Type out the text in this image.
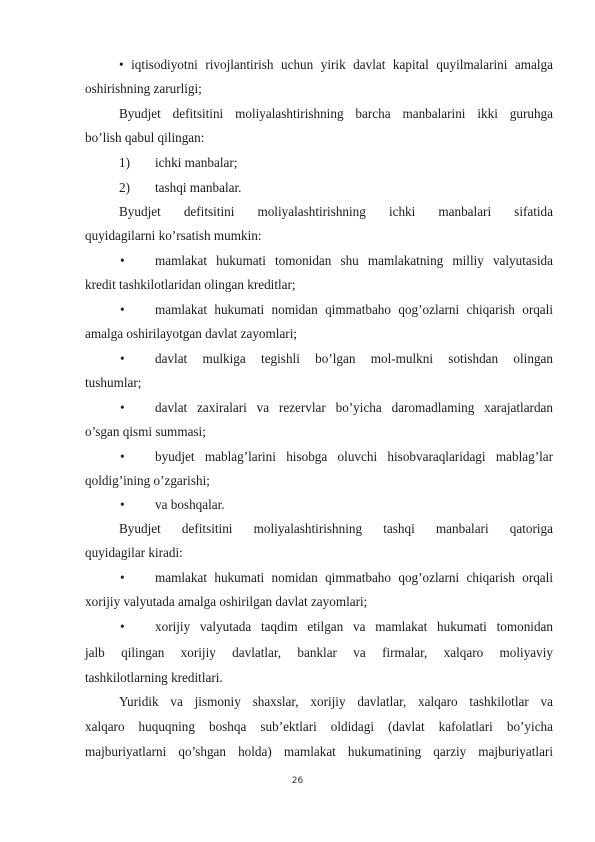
• iqtisodiyotni rivojlantirish uchun yirik davlat kapital quyilmalarini amalga
oshirishning zarurligi;
Byudjet defitsitini moliyalashtirishning barcha manbalarini ikki guruhga
bo’lish qabul qilingan:
1) ichki manbalar;
2) tashqi manbalar.
Byudjet defitsitini moliyalashtirishning ichki manbalari sifatida
quyidagilarni ko’rsatish mumkin:
• mamlakat hukumati tomonidan shu mamlakatning milliy valyutasida
kredit tashkilotlaridan olingan kreditlar;
• mamlakat hukumati nomidan qimmatbaho qog’ozlarni chiqarish orqali
amalga oshirilayotgan davlat zayomlari;
• davlat mulkiga tegishli bo’lgan mol-mulkni sotishdan olingan
tushumlar;
• davlat zaxiralari va rezervlar bo’yicha daromadlaming xarajatlardan
o’sgan qismi summasi;
• byudjet mablag’larini hisobga oluvchi hisobvaraqlaridagi mablag’lar
qoldig’ining o’zgarishi;
• va boshqalar.
Byudjet defitsitini moliyalashtirishning tashqi manbalari qatoriga
quyidagilar kiradi:
• mamlakat hukumati nomidan qimmatbaho qog’ozlarni chiqarish orqali
xorijiy valyutada amalga oshirilgan davlat zayomlari;
• xorijiy valyutada taqdim etilgan va mamlakat hukumati tomonidan
jalb qilingan xorijiy davlatlar, banklar va firmalar, xalqaro moliyaviy
tashkilotlarning kreditlari.
Yuridik va jismoniy shaxslar, xorijiy davlatlar, xalqaro tashkilotlar va
xalqaro huquqning boshqa sub’ektlari oldidagi (davlat kafolatlari bo’yicha
majburiyatlarni qo’shgan holda) mamlakat hukumatining qarziy majburiyatlari
26
